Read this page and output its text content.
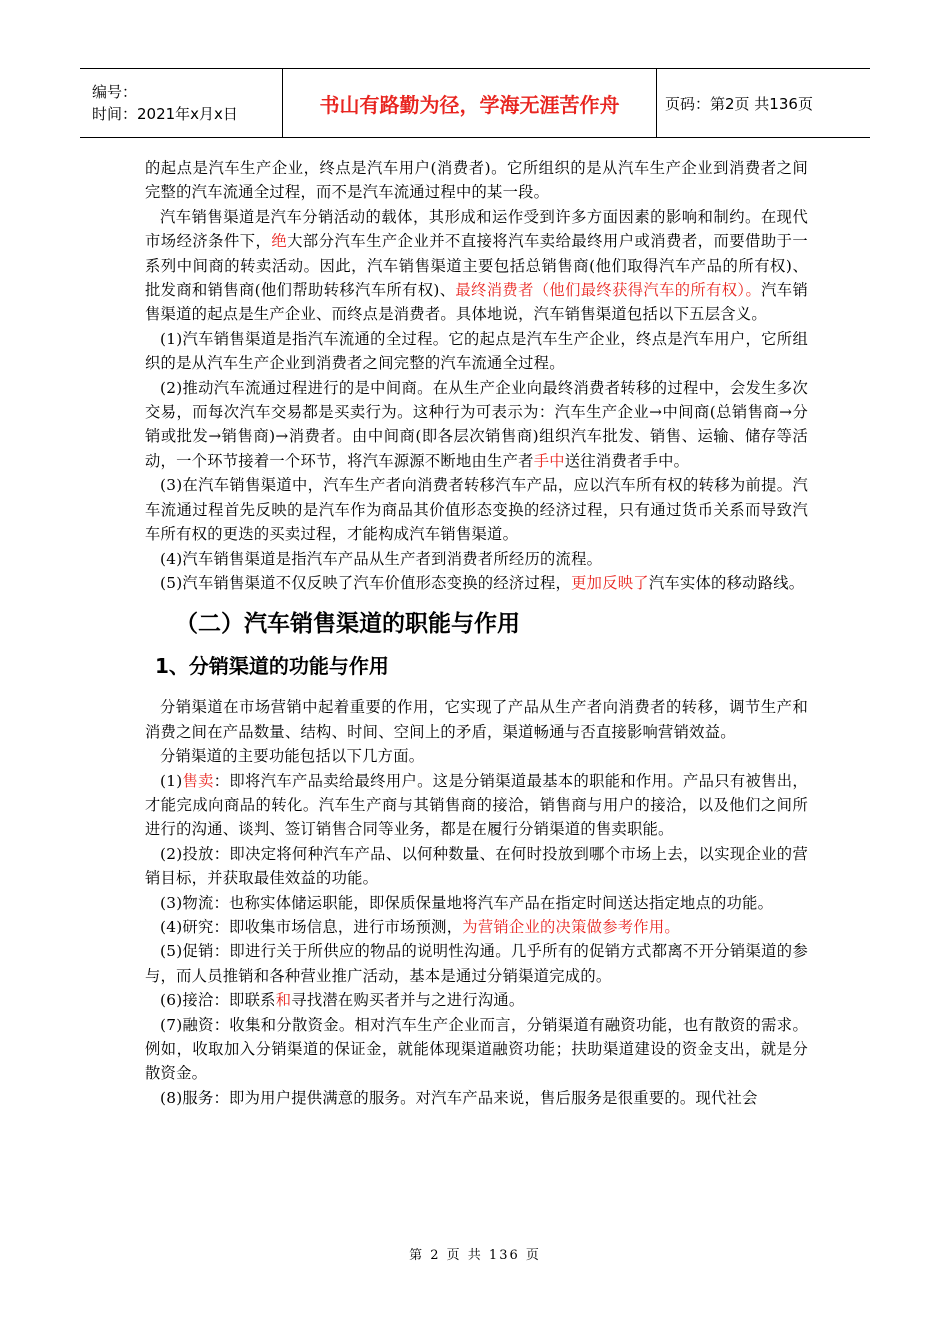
编号：
时间：2021年x月x日	书山有路勤为径，学海无涯苦作舟	页码：第2页 共136页

的起点是汽车生产企业，终点是汽车用户(消费者)。它所组织的是从汽车生产企业到消费者之间完整的汽车流通全过程，而不是汽车流通过程中的某一段。

汽车销售渠道是汽车分销活动的载体，其形成和运作受到许多方面因素的影响和制约。在现代市场经济条件下，绝大部分汽车生产企业并不直接将汽车卖给最终用户或消费者，而要借助于一系列中间商的转卖活动。因此，汽车销售渠道主要包括总销售商(他们取得汽车产品的所有权)、批发商和销售商(他们帮助转移汽车所有权)、最终消费者（他们最终获得汽车的所有权）。汽车销售渠道的起点是生产企业、而终点是消费者。具体地说，汽车销售渠道包括以下五层含义。

(1)汽车销售渠道是指汽车流通的全过程。它的起点是汽车生产企业，终点是汽车用户，它所组织的是从汽车生产企业到消费者之间完整的汽车流通全过程。

(2)推动汽车流通过程进行的是中间商。在从生产企业向最终消费者转移的过程中，会发生多次交易，而每次汽车交易都是买卖行为。这种行为可表示为：汽车生产企业→中间商(总销售商→分销或批发→销售商)→消费者。由中间商(即各层次销售商)组织汽车批发、销售、运输、储存等活动，一个环节接着一个环节，将汽车源源不断地由生产者手中送往消费者手中。

(3)在汽车销售渠道中，汽车生产者向消费者转移汽车产品，应以汽车所有权的转移为前提。汽车流通过程首先反映的是汽车作为商品其价值形态变换的经济过程，只有通过货币关系而导致汽车所有权的更迭的买卖过程，才能构成汽车销售渠道。

(4)汽车销售渠道是指汽车产品从生产者到消费者所经历的流程。

(5)汽车销售渠道不仅反映了汽车价值形态变换的经济过程，更加反映了汽车实体的移动路线。

（二）汽车销售渠道的职能与作用
1、分销渠道的功能与作用

分销渠道在市场营销中起着重要的作用，它实现了产品从生产者向消费者的转移，调节生产和消费之间在产品数量、结构、时间、空间上的矛盾，渠道畅通与否直接影响营销效益。

分销渠道的主要功能包括以下几方面。

(1)售卖：即将汽车产品卖给最终用户。这是分销渠道最基本的职能和作用。产品只有被售出，才能完成向商品的转化。汽车生产商与其销售商的接洽，销售商与用户的接洽，以及他们之间所进行的沟通、谈判、签订销售合同等业务，都是在履行分销渠道的售卖职能。

(2)投放：即决定将何种汽车产品、以何种数量、在何时投放到哪个市场上去，以实现企业的营销目标，并获取最佳效益的功能。

(3)物流：也称实体储运职能，即保质保量地将汽车产品在指定时间送达指定地点的功能。

(4)研究：即收集市场信息，进行市场预测，为营销企业的决策做参考作用。

(5)促销：即进行关于所供应的物品的说明性沟通。几乎所有的促销方式都离不开分销渠道的参与，而人员推销和各种营业推广活动，基本是通过分销渠道完成的。

(6)接洽：即联系和寻找潜在购买者并与之进行沟通。

(7)融资：收集和分散资金。相对汽车生产企业而言，分销渠道有融资功能，也有散资的需求。例如，收取加入分销渠道的保证金，就能体现渠道融资功能；扶助渠道建设的资金支出，就是分散资金。

(8)服务：即为用户提供满意的服务。对汽车产品来说，售后服务是很重要的。现代社会

第 2 页 共 136 页
